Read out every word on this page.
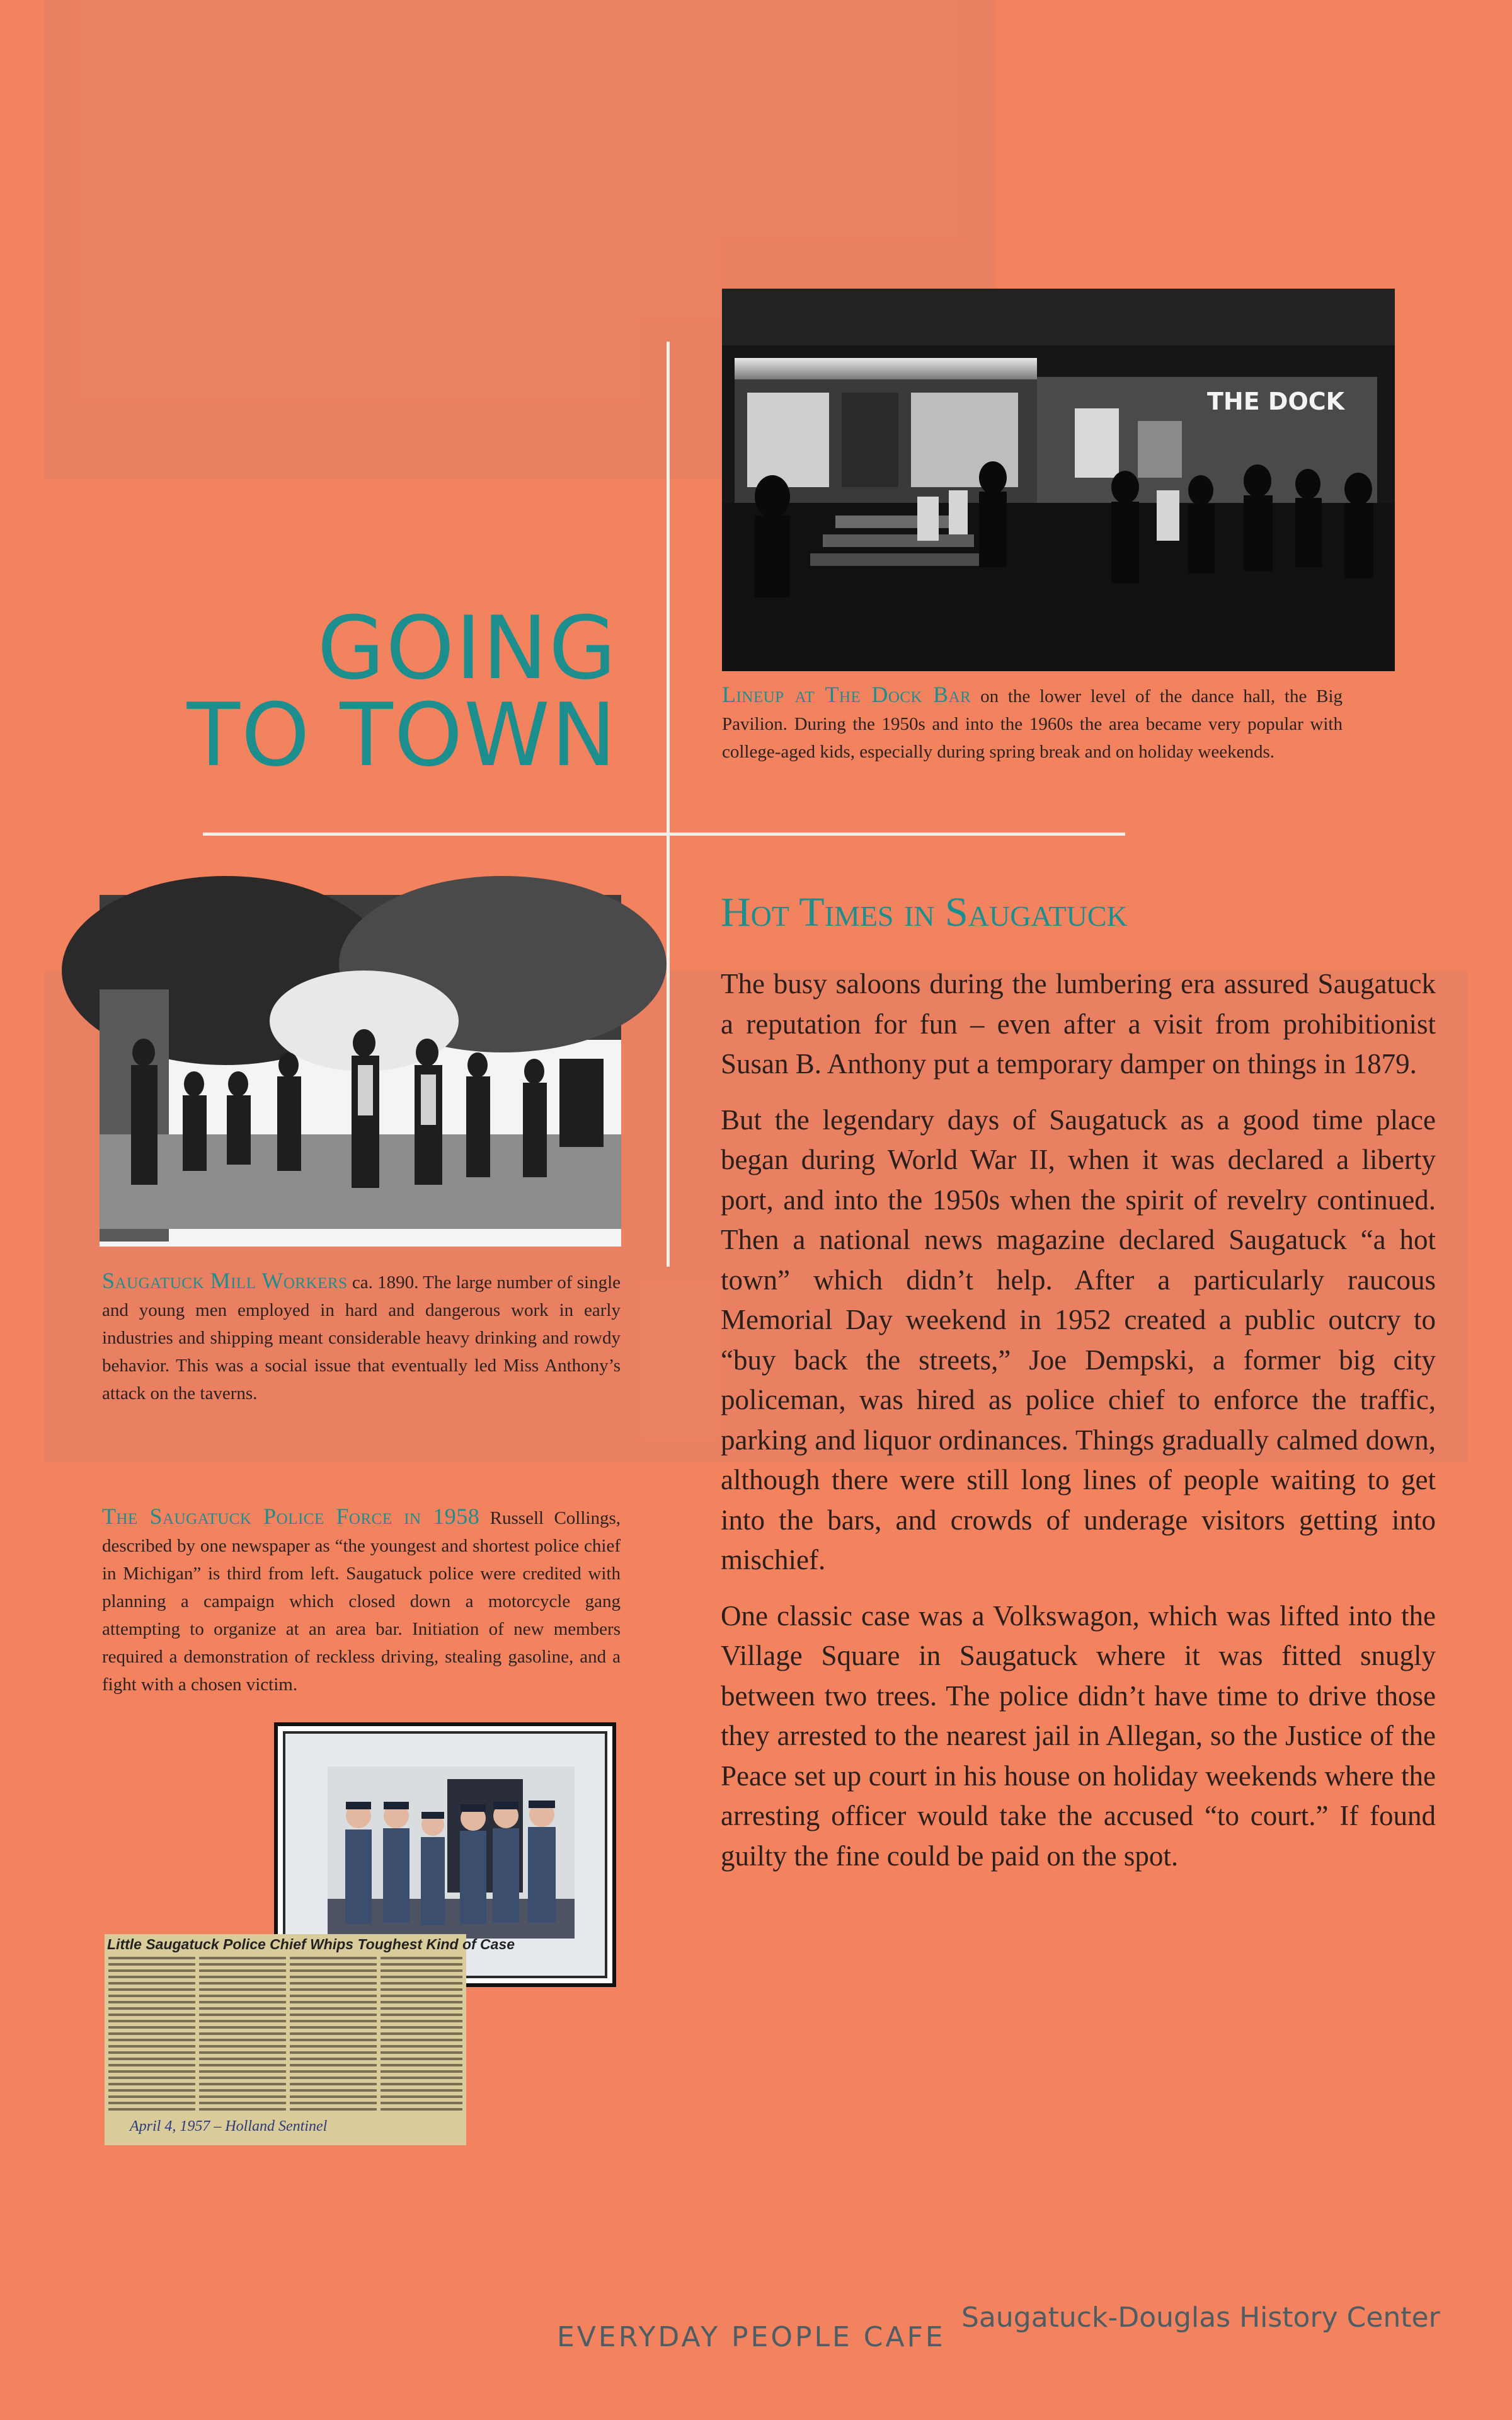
GOING
TO TOWN
THE DOCK
Lineup at The Dock Bar on the lower level of the dance hall, the Big Pavilion. During the 1950s and into the 1960s the area became very popular with college-aged kids, especially during spring break and on holiday weekends.
Saugatuck Mill Workers ca. 1890. The large number of single and young men employed in hard and dangerous work in early industries and shipping meant considerable heavy drinking and rowdy behavior. This was a social issue that eventually led Miss Anthony’s attack on the taverns.
The Saugatuck Police Force in 1958 Russell Collings, described by one newspaper as “the youngest and shortest police chief in Michigan” is third from left. Saugatuck police were credited with planning a campaign which closed down a motorcycle gang attempting to organize at an area bar. Initiation of new members required a demonstration of reckless driving, stealing gasoline, and a fight with a chosen victim.
Little Saugatuck Police Chief Whips Toughest Kind of Case
April 4, 1957 – Holland Sentinel
Hot Times in Saugatuck

The busy saloons during the lumbering era assured Saugatuck a reputation for fun – even after a visit from prohibitionist Susan B. Anthony put a temporary damper on things in 1879.

But the legendary days of Saugatuck as a good time place began during World War II, when it was declared a liberty port, and into the 1950s when the spirit of revelry continued. Then a national news magazine declared Saugatuck “a hot town” which didn’t help. After a particularly raucous Memorial Day weekend in 1952 created a public outcry to “buy back the streets,” Joe Dempski, a former big city policeman, was hired as police chief to enforce the traffic, parking and liquor ordinances. Things gradually calmed down, although there were still long lines of people waiting to get into the bars, and crowds of underage visitors getting into mischief.

One classic case was a Volkswagon, which was lifted into the Village Square in Saugatuck where it was fitted snugly between two trees. The police didn’t have time to drive those they arrested to the nearest jail in Allegan, so the Justice of the Peace set up court in his house on holiday weekends where the arresting officer would take the accused “to court.” If found guilty the fine could be paid on the spot.

EVERYDAY PEOPLE CAFE
Saugatuck-Douglas History Center
